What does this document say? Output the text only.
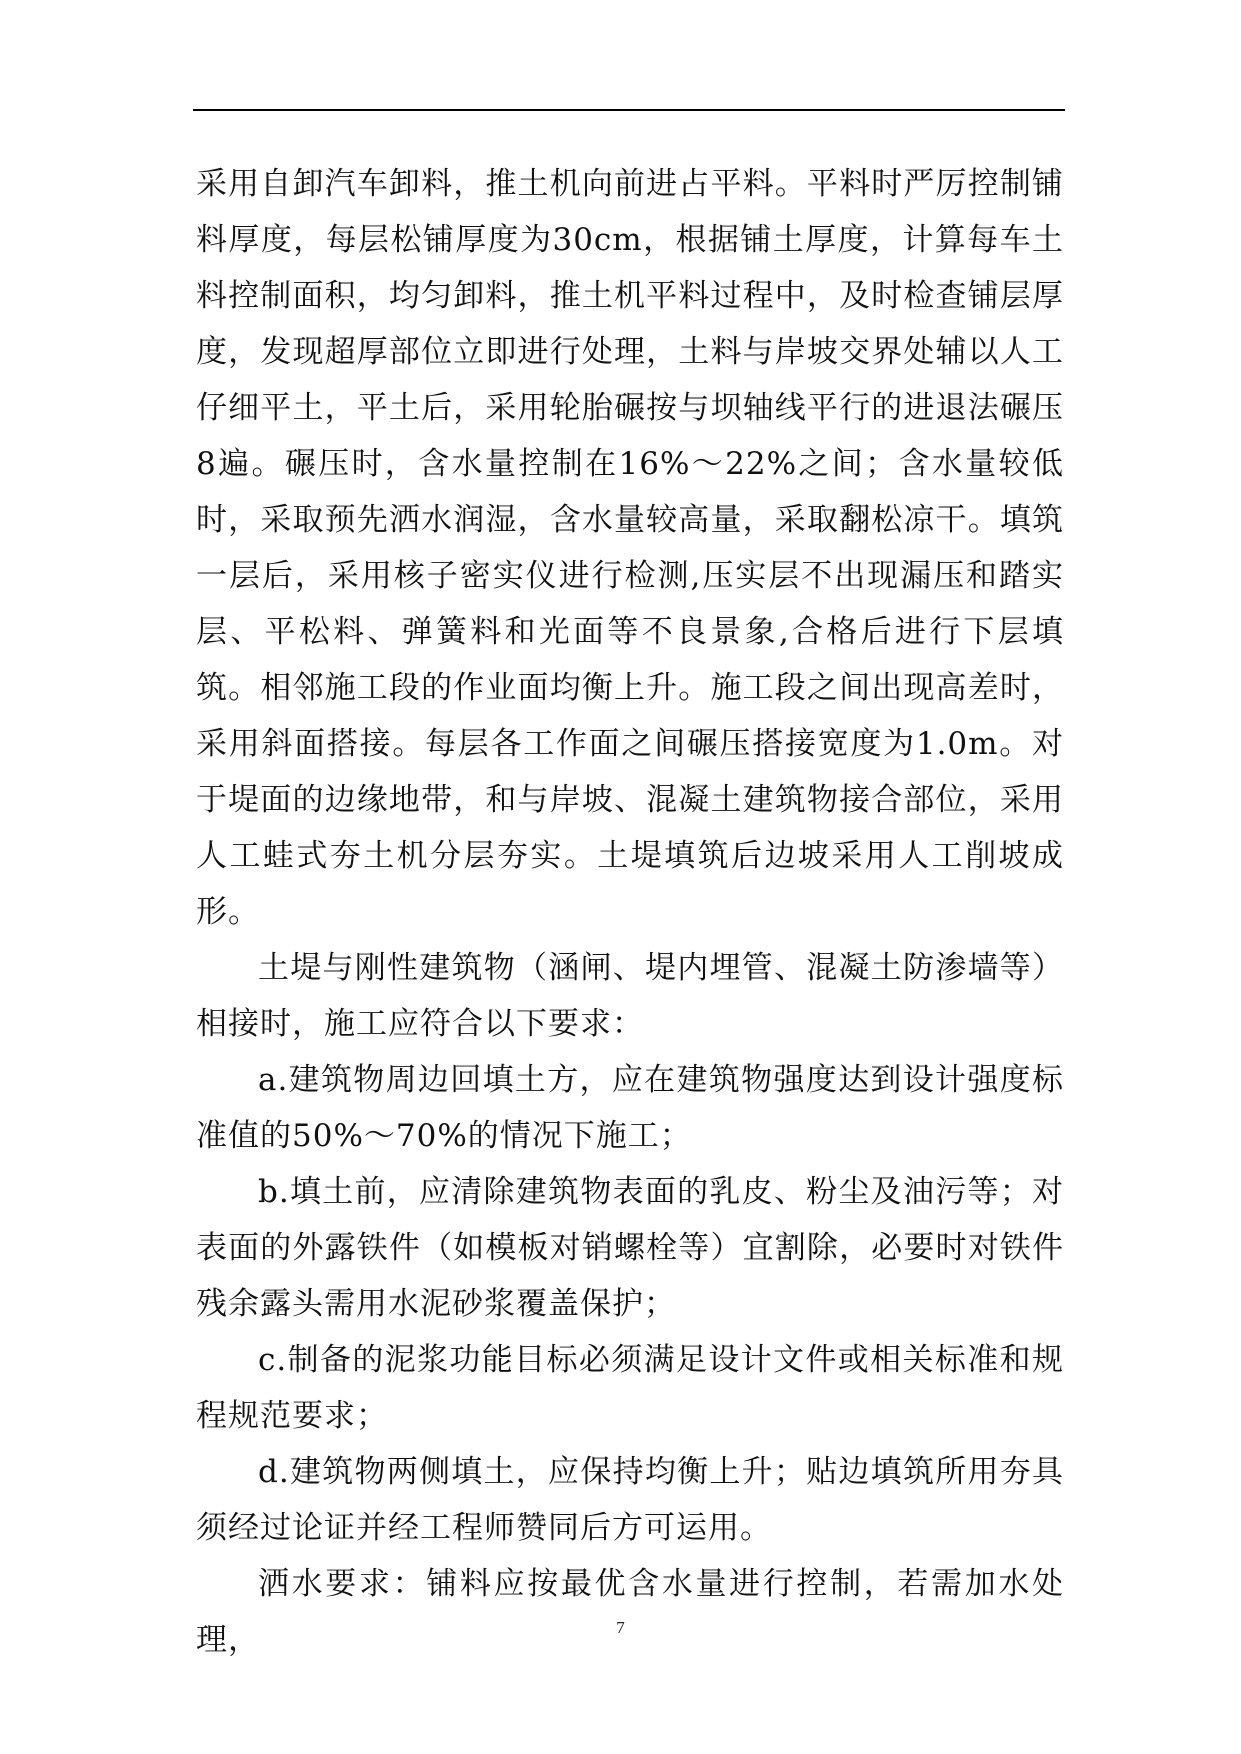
采用自卸汽车卸料，推土机向前进占平料。平料时严厉控制铺料厚度，每层松铺厚度为30cm，根据铺土厚度，计算每车土料控制面积，均匀卸料，推土机平料过程中，及时检查铺层厚度，发现超厚部位立即进行处理，土料与岸坡交界处辅以人工仔细平土，平土后，采用轮胎碾按与坝轴线平行的进退法碾压8遍。碾压时，含水量控制在16%～22%之间；含水量较低时，采取预先洒水润湿，含水量较高量，采取翻松凉干。填筑一层后，采用核子密实仪进行检测,压实层不出现漏压和踏实层、平松料、弹簧料和光面等不良景象,合格后进行下层填筑。相邻施工段的作业面均衡上升。施工段之间出现高差时，采用斜面搭接。每层各工作面之间碾压搭接宽度为1.0m。对于堤面的边缘地带，和与岸坡、混凝土建筑物接合部位，采用人工蛙式夯土机分层夯实。土堤填筑后边坡采用人工削坡成形。

土堤与刚性建筑物（涵闸、堤内埋管、混凝土防渗墙等）相接时，施工应符合以下要求：

a.建筑物周边回填土方，应在建筑物强度达到设计强度标准值的50%～70%的情况下施工；

b.填土前，应清除建筑物表面的乳皮、粉尘及油污等；对表面的外露铁件（如模板对销螺栓等）宜割除，必要时对铁件残余露头需用水泥砂浆覆盖保护；

c.制备的泥浆功能目标必须满足设计文件或相关标准和规程规范要求；

d.建筑物两侧填土，应保持均衡上升；贴边填筑所用夯具须经过论证并经工程师赞同后方可运用。

洒水要求：铺料应按最优含水量进行控制，若需加水处理，	7
